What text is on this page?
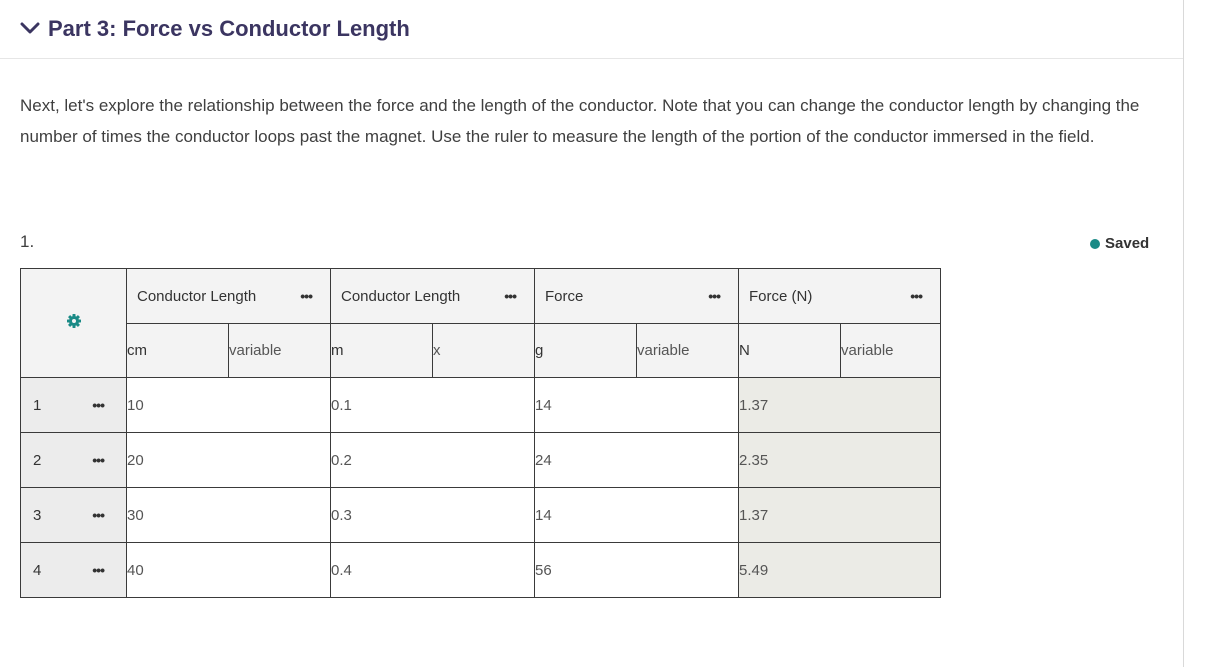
Part 3: Force vs Conductor Length
Next, let's explore the relationship between the force and the length of the conductor. Note that you can change the conductor length by changing the number of times the conductor loops past the magnet. Use the ruler to measure the length of the portion of the conductor immersed in the field.
1.	Saved

Conductor Length •••		Conductor Length •••		Force •••		Force (N) •••	

	cm	variable	m	x	g	variable	N	variable

1 •••	10		0.1		14		1.37	

2 •••	20		0.2		24		2.35	

3 •••	30		0.3		14		1.37	

4 •••	40		0.4		56		5.49	
